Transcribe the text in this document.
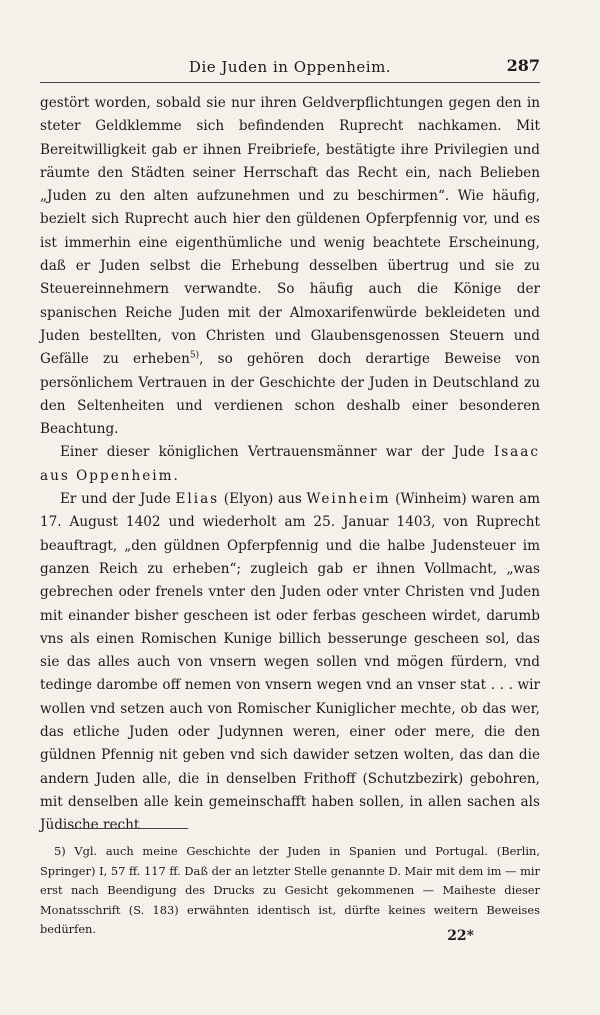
Die Juden in Oppenheim.	287

gestört worden, sobald sie nur ihren Geldverpflichtungen gegen den in steter Geldklemme sich befindenden Ruprecht nachkamen. Mit Bereitwilligkeit gab er ihnen Freibriefe, bestätigte ihre Privilegien und räumte den Städten seiner Herrschaft das Recht ein, nach Belieben „Juden zu den alten aufzunehmen und zu beschirmen“. Wie häufig, bezielt sich Ruprecht auch hier den güldenen Opferpfennig vor, und es ist immerhin eine eigenthümliche und wenig beachtete Erscheinung, daß er Juden selbst die Erhebung desselben übertrug und sie zu Steuereinnehmern verwandte. So häufig auch die Könige der spanischen Reiche Juden mit der Almoxarifenwürde bekleideten und Juden bestellten, von Christen und Glaubensgenossen Steuern und Gefälle zu erheben$^{5)}$, so gehören doch derartige Beweise von persönlichem Vertrauen in der Geschichte der Juden in Deutschland zu den Seltenheiten und verdienen schon deshalb einer besonderen Beachtung.

Einer dieser königlichen Vertrauensmänner war der Jude Isaac aus Oppenheim.

Er und der Jude Elias (Elyon) aus Weinheim (Winheim) waren am 17. August 1402 und wiederholt am 25. Januar 1403, von Ruprecht beauftragt, „den güldnen Opferpfennig und die halbe Judensteuer im ganzen Reich zu erheben“; zugleich gab er ihnen Vollmacht, „was gebrechen oder frenels vnter den Juden oder vnter Christen vnd Juden mit einander bisher gescheen ist oder ferbas gescheen wirdet, darumb vns als einen Romischen Kunige billich besserunge gescheen sol, das sie das alles auch von vnsern wegen sollen vnd mögen fürdern, vnd tedinge darombe off nemen von vnsern wegen vnd an vnser stat . . . wir wollen vnd setzen auch von Romischer Kuniglicher mechte, ob das wer, das etliche Juden oder Judynnen weren, einer oder mere, die den güldnen Pfennig nit geben vnd sich dawider setzen wolten, das dan die andern Juden alle, die in denselben Frithoff (Schutzbezirk) gebohren, mit denselben alle kein gemeinschafft haben sollen, in allen sachen als Jüdische recht

5) Vgl. auch meine Geschichte der Juden in Spanien und Portugal. (Berlin, Springer) I, 57 ff. 117 ff. Daß der an letzter Stelle genannte D. Mair mit dem im — mir erst nach Beendigung des Drucks zu Gesicht gekommenen — Maiheste dieser Monatsschrift (S. 183) erwähnten identisch ist, dürfte keines weitern Beweises bedürfen.	22*
